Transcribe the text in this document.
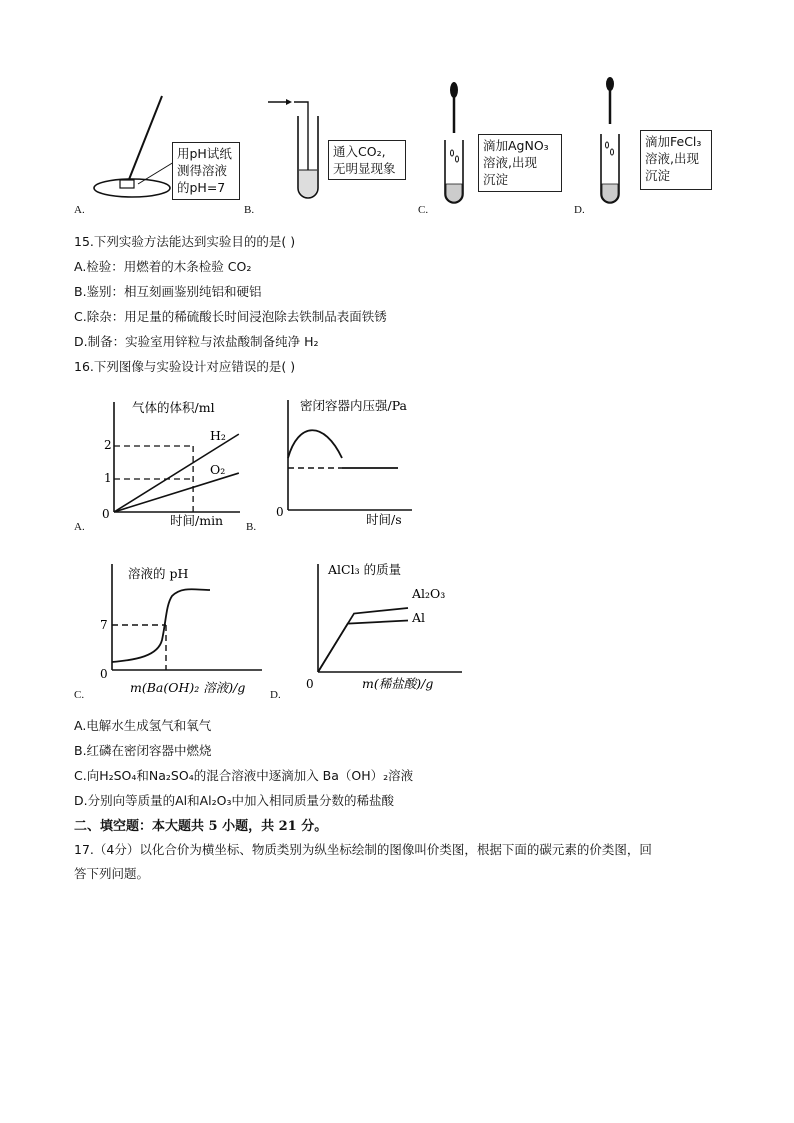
用pH试纸
测得溶液
的pH=7
A.
通入CO₂,
无明显现象
B.
滴加AgNO₃
溶液,出现
沉淀
C.
滴加FeCl₃
溶液,出现
沉淀
D.
15.下列实验方法能达到实验目的的是( )
A.检验：用燃着的木条检验 CO₂
B.鉴别：相互刻画鉴别纯铝和硬铝
C.除杂：用足量的稀硫酸长时间浸泡除去铁制品表面铁锈
D.制备：实验室用锌粒与浓盐酸制备纯净 H₂
16.下列图像与实验设计对应错误的是( )
气体的体积/ml
时间/min
0
1
2
H₂
O₂
A.
密闭容器内压强/Pa
时间/s
0
B.
溶液的 pH
m(Ba(OH)₂ 溶液)/g
0
7
C.
AlCl₃ 的质量
m(稀盐酸)/g
0
Al₂O₃
Al
D.
A.电解水生成氢气和氧气
B.红磷在密闭容器中燃烧
C.向H₂SO₄和Na₂SO₄的混合溶液中逐滴加入 Ba（OH）₂溶液
D.分别向等质量的Al和Al₂O₃中加入相同质量分数的稀盐酸
二、填空题：本大题共 5 小题，共 21 分。
17.（4分）以化合价为横坐标、物质类别为纵坐标绘制的图像叫价类图，根据下面的碳元素的价类图，回
答下列问题。
